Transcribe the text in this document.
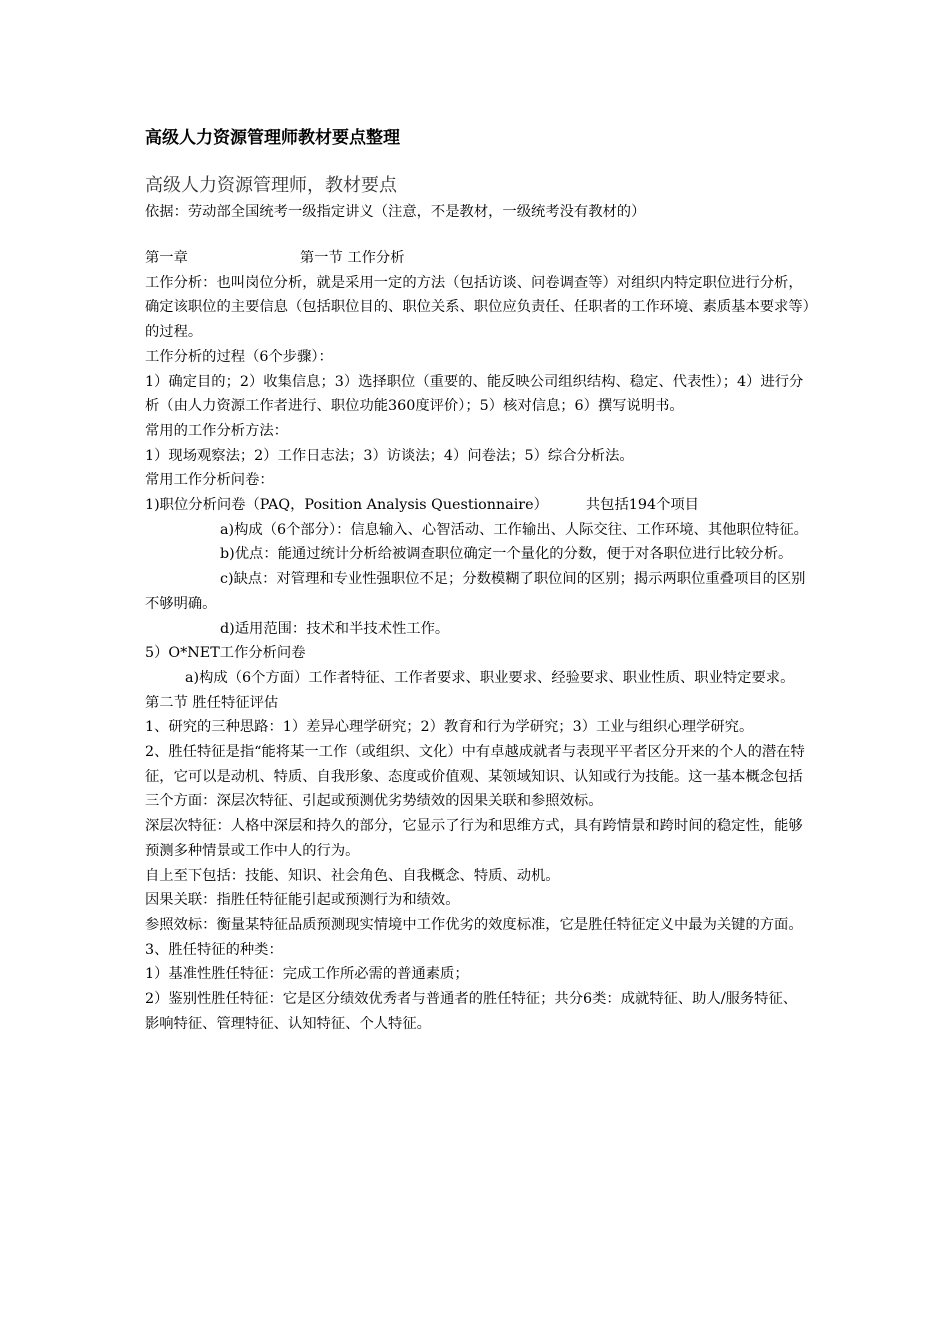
高级人力资源管理师教材要点整理
高级人力资源管理师，教材要点
依据：劳动部全国统考一级指定讲义（注意，不是教材，一级统考没有教材的）

第一章	第一节 工作分析

工作分析：也叫岗位分析，就是采用一定的方法（包括访谈、问卷调查等）对组织内特定职位进行分析，确定该职位的主要信息（包括职位目的、职位关系、职位应负责任、任职者的工作环境、素质基本要求等）的过程。

工作分析的过程（6个步骤）：

1）确定目的；2）收集信息；3）选择职位（重要的、能反映公司组织结构、稳定、代表性）；4）进行分析（由人力资源工作者进行、职位功能360度评价）；5）核对信息；6）撰写说明书。

常用的工作分析方法：

1）现场观察法；2）工作日志法；3）访谈法；4）问卷法；5）综合分析法。

常用工作分析问卷：

1)职位分析问卷（PAQ，Position Analysis Questionnaire）	共包括194个项目

a)构成（6个部分）：信息输入、心智活动、工作输出、人际交往、工作环境、其他职位特征。

b)优点：能通过统计分析给被调查职位确定一个量化的分数，便于对各职位进行比较分析。

c)缺点：对管理和专业性强职位不足；分数模糊了职位间的区别；揭示两职位重叠项目的区别不够明确。

d)适用范围：技术和半技术性工作。

5）O*NET工作分析问卷

a)构成（6个方面）工作者特征、工作者要求、职业要求、经验要求、职业性质、职业特定要求。

第二节 胜任特征评估

1、研究的三种思路：1）差异心理学研究；2）教育和行为学研究；3）工业与组织心理学研究。

2、胜任特征是指“能将某一工作（或组织、文化）中有卓越成就者与表现平平者区分开来的个人的潜在特征，它可以是动机、特质、自我形象、态度或价值观、某领域知识、认知或行为技能。这一基本概念包括三个方面：深层次特征、引起或预测优劣势绩效的因果关联和参照效标。

深层次特征：人格中深层和持久的部分，它显示了行为和思维方式，具有跨情景和跨时间的稳定性，能够预测多种情景或工作中人的行为。

自上至下包括：技能、知识、社会角色、自我概念、特质、动机。

因果关联：指胜任特征能引起或预测行为和绩效。

参照效标：衡量某特征品质预测现实情境中工作优劣的效度标准，它是胜任特征定义中最为关键的方面。

3、胜任特征的种类：

1）基准性胜任特征：完成工作所必需的普通素质；

2）鉴别性胜任特征：它是区分绩效优秀者与普通者的胜任特征；共分6类：成就特征、助人/服务特征、影响特征、管理特征、认知特征、个人特征。
